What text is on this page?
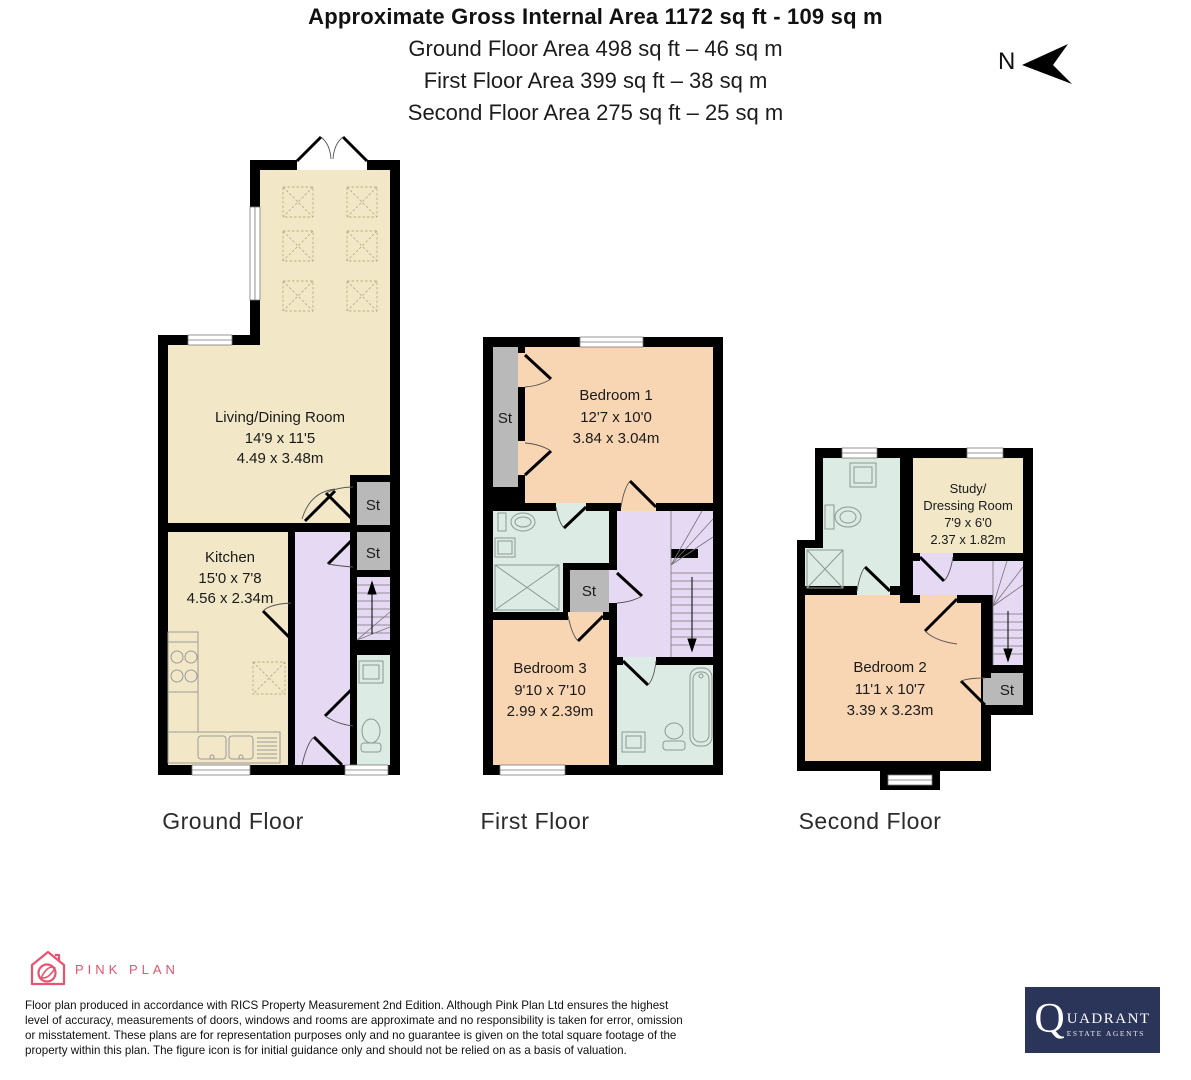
Approximate Gross Internal Area 1172 sq ft - 109 sq m
Ground Floor Area 498 sq ft – 46 sq m
First Floor Area 399 sq ft – 38 sq m
Second Floor Area 275 sq ft – 25 sq m
N
Living/Dining Room
14'9 x 11'5
4.49 x 3.48m
Kitchen
15'0 x 7'8
4.56 x 2.34m
St
St
Bedroom 1
12'7 x 10'0
3.84 x 3.04m
Bedroom 3
9'10 x 7'10
2.99 x 2.39m
St
St
Study/
Dressing Room
7'9 x 6'0
2.37 x 1.82m
Bedroom 2
11'1 x 10'7
3.39 x 3.23m
St
Ground Floor	First Floor	Second Floor
PINK PLAN
Floor plan produced in accordance with RICS Property Measurement 2nd Edition. Although Pink Plan Ltd ensures the highest level of accuracy, measurements of doors, windows and rooms are approximate and no responsibility is taken for error, omission or misstatement. These plans are for representation purposes only and no guarantee is given on the total square footage of the property within this plan. The figure icon is for initial guidance only and should not be relied on as a basis of valuation.
Q UADRANT
ESTATE AGENTS
